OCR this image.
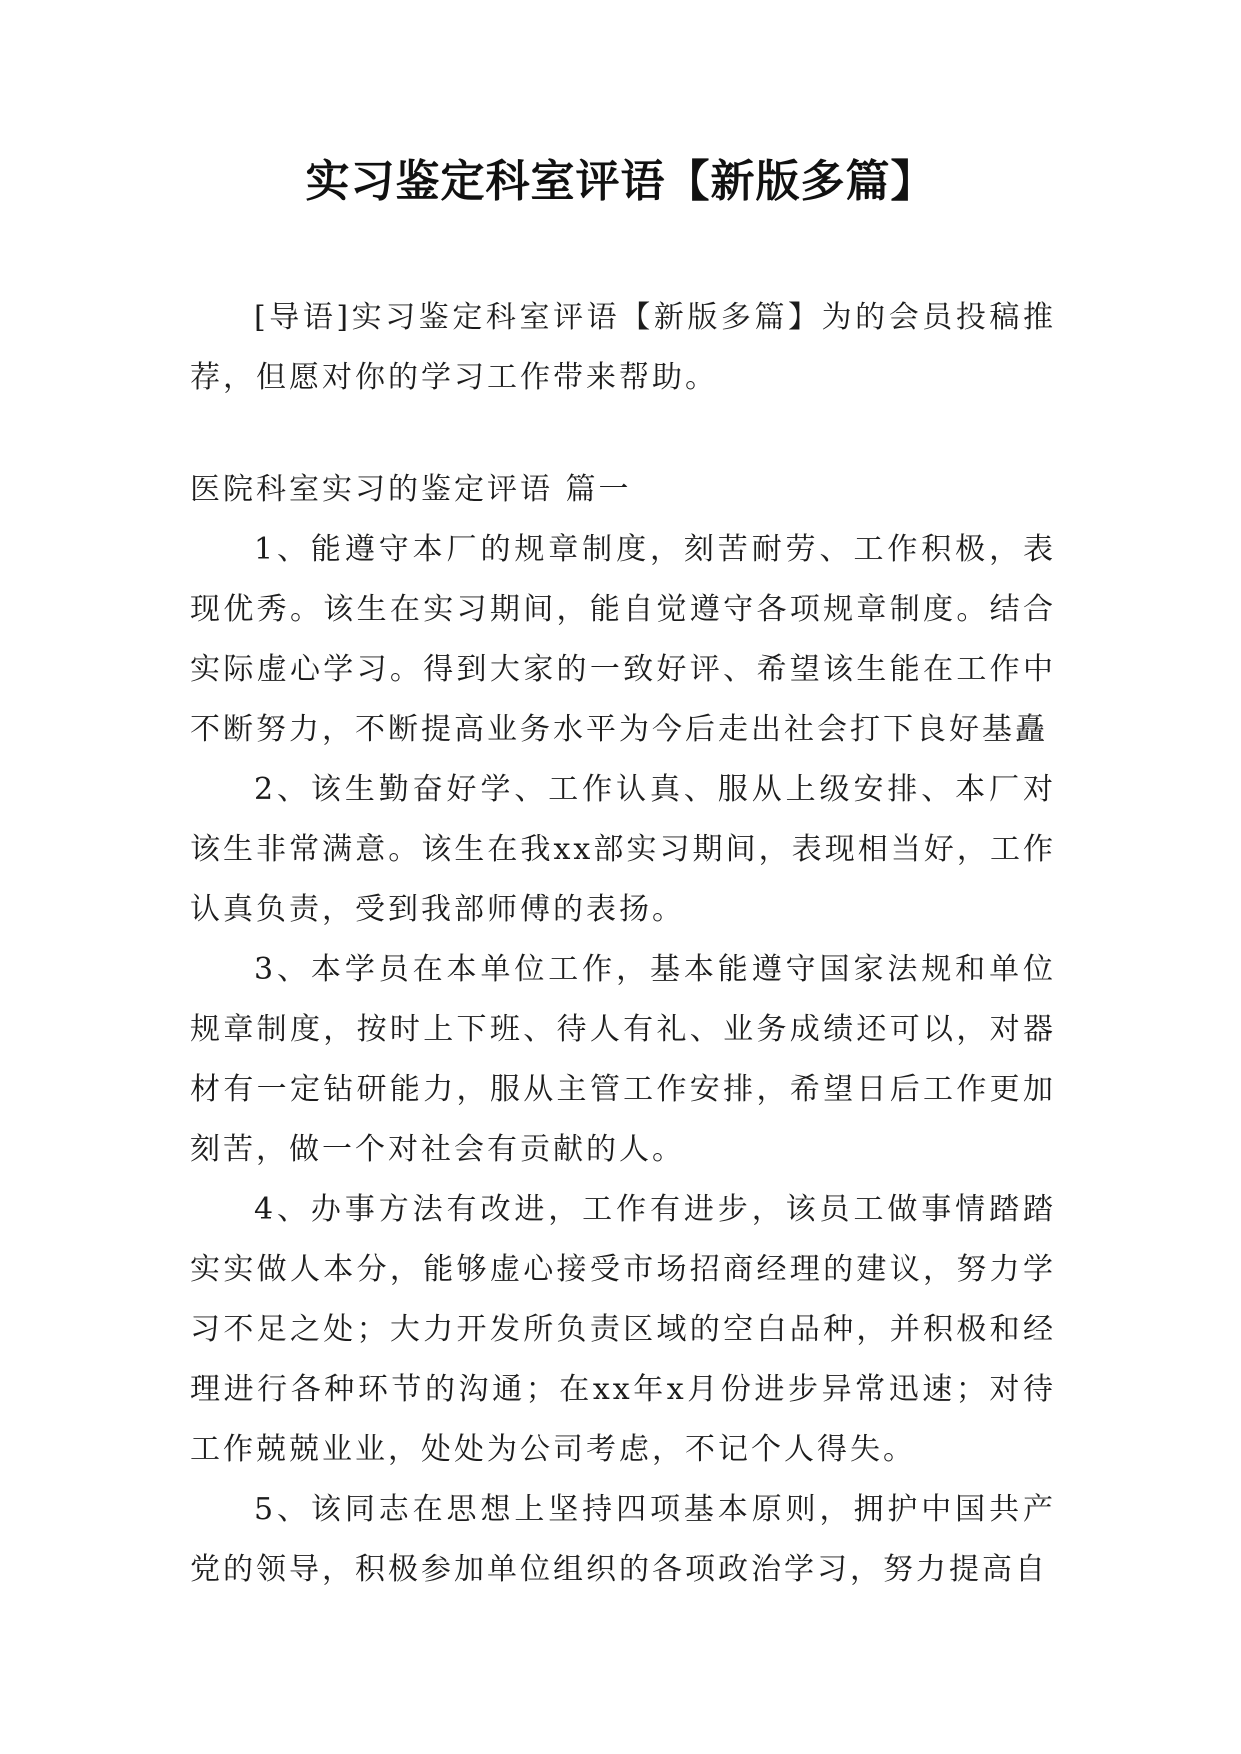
实习鉴定科室评语【新版多篇】

[导语]实习鉴定科室评语【新版多篇】为的会员投稿推荐，但愿对你的学习工作带来帮助。

医院科室实习的鉴定评语 篇一

1、能遵守本厂的规章制度，刻苦耐劳、工作积极，表现优秀。该生在实习期间，能自觉遵守各项规章制度。结合实际虚心学习。得到大家的一致好评、希望该生能在工作中不断努力，不断提高业务水平为今后走出社会打下良好基矗

2、该生勤奋好学、工作认真、服从上级安排、本厂对该生非常满意。该生在我xx部实习期间，表现相当好，工作认真负责，受到我部师傅的表扬。

3、本学员在本单位工作，基本能遵守国家法规和单位规章制度，按时上下班、待人有礼、业务成绩还可以，对器材有一定钻研能力，服从主管工作安排，希望日后工作更加刻苦，做一个对社会有贡献的人。

4、办事方法有改进，工作有进步，该员工做事情踏踏实实做人本分，能够虚心接受市场招商经理的建议，努力学习不足之处；大力开发所负责区域的空白品种，并积极和经理进行各种环节的沟通；在xx年x月份进步异常迅速；对待工作兢兢业业，处处为公司考虑，不记个人得失。

5、该同志在思想上坚持四项基本原则，拥护中国共产党的领导，积极参加单位组织的各项政治学习，努力提高自
